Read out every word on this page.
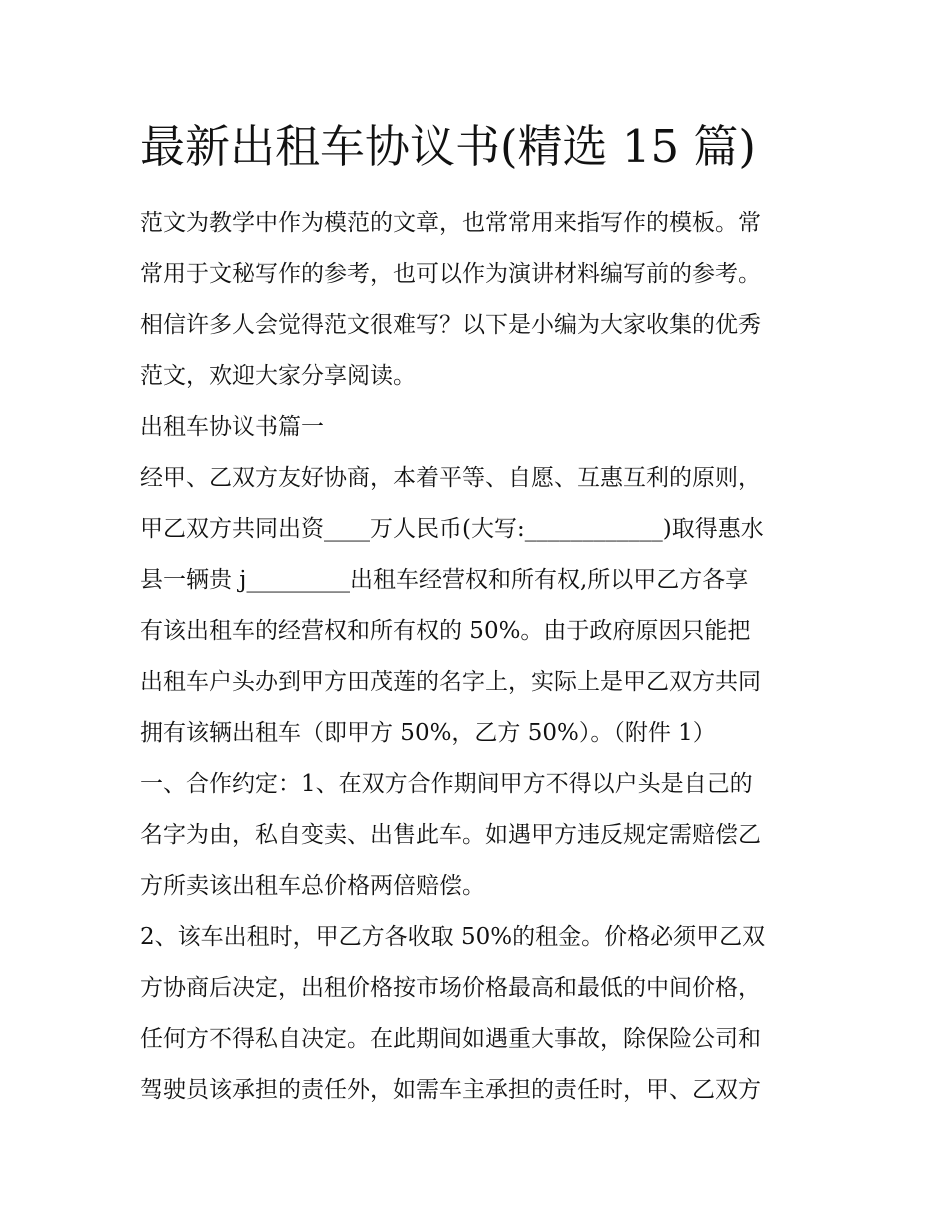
最新出租车协议书(精选 15 篇)

范文为教学中作为模范的文章，也常常用来指写作的模板。常

常用于文秘写作的参考，也可以作为演讲材料编写前的参考。

相信许多人会觉得范文很难写？以下是小编为大家收集的优秀

范文，欢迎大家分享阅读。

出租车协议书篇一

经甲、乙双方友好协商，本着平等、自愿、互惠互利的原则，

甲乙双方共同出资____万人民币(大写:____________)取得惠水

县一辆贵 j_________出租车经营权和所有权,所以甲乙方各享

有该出租车的经营权和所有权的 50%。由于政府原因只能把

出租车户头办到甲方田茂莲的名字上，实际上是甲乙双方共同

拥有该辆出租车（即甲方 50%，乙方 50%）。（附件 1）

一、合作约定：1、在双方合作期间甲方不得以户头是自己的

名字为由，私自变卖、出售此车。如遇甲方违反规定需赔偿乙

方所卖该出租车总价格两倍赔偿。

2、该车出租时，甲乙方各收取 50%的租金。价格必须甲乙双

方协商后决定，出租价格按市场价格最高和最低的中间价格，

任何方不得私自决定。在此期间如遇重大事故，除保险公司和

驾驶员该承担的责任外，如需车主承担的责任时，甲、乙双方
